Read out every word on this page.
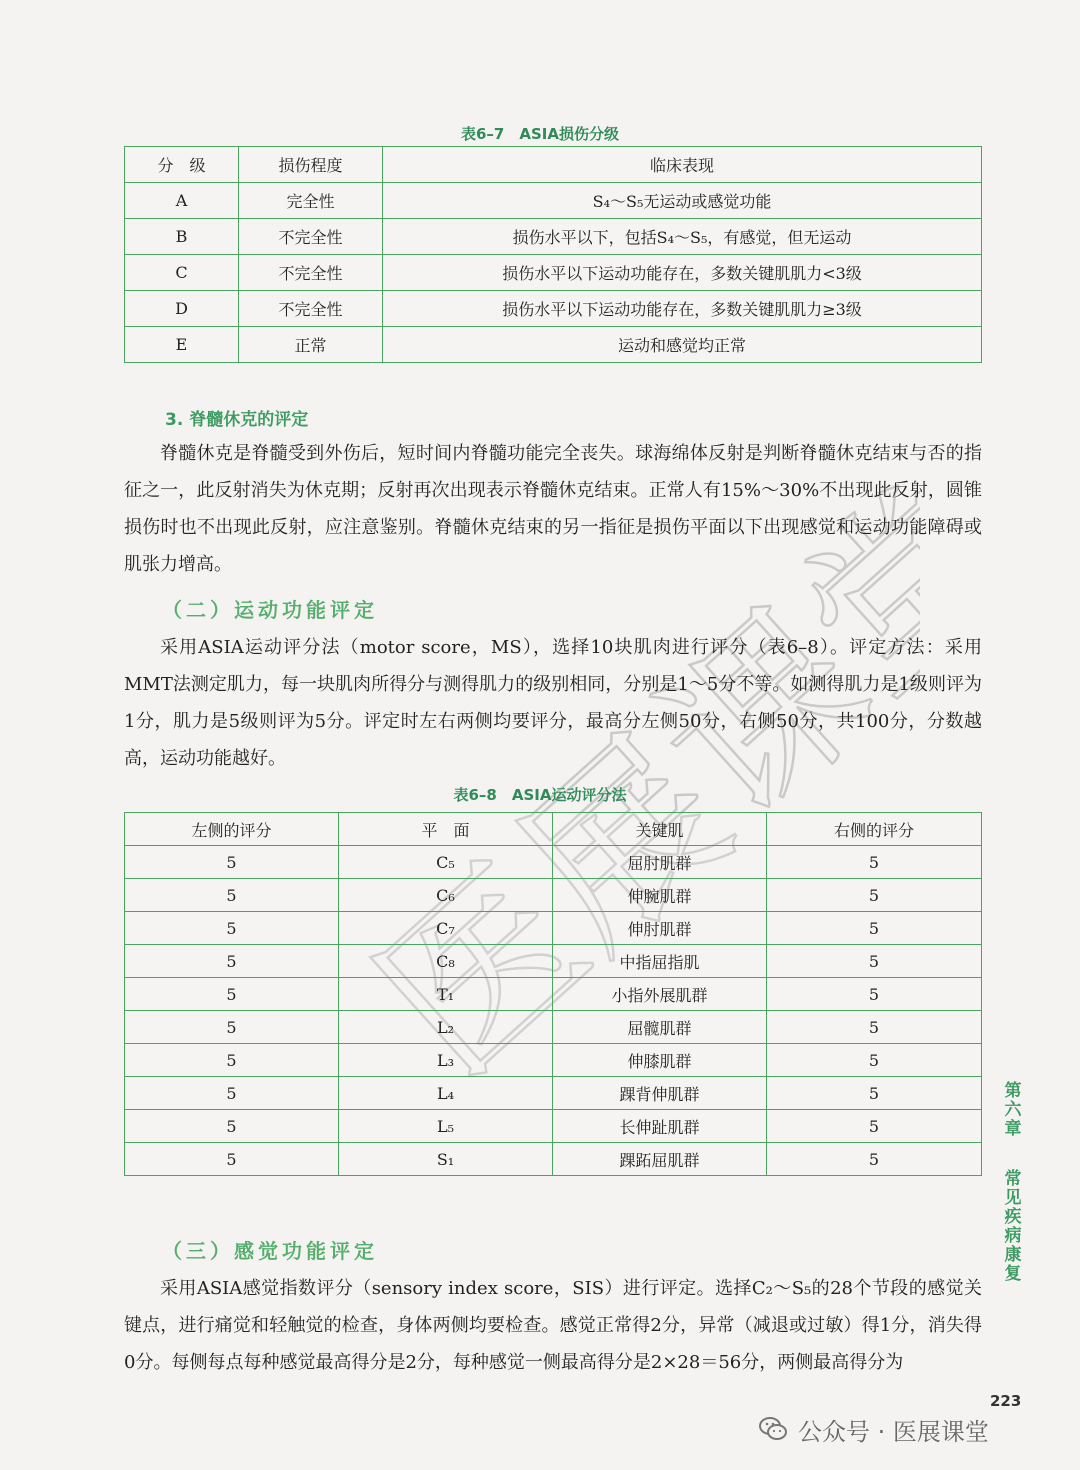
医展课堂
表6–7　ASIA损伤分级
分　级	损伤程度	临床表现
A	完全性	S₄～S₅无运动或感觉功能
B	不完全性	损伤水平以下，包括S₄～S₅，有感觉，但无运动
C	不完全性	损伤水平以下运动功能存在，多数关键肌肌力<3级
D	不完全性	损伤水平以下运动功能存在，多数关键肌肌力≥3级
E	正常	运动和感觉均正常
3. 脊髓休克的评定

脊髓休克是脊髓受到外伤后，短时间内脊髓功能完全丧失。球海绵体反射是判断脊髓休克结束与否的指征之一，此反射消失为休克期；反射再次出现表示脊髓休克结束。正常人有15%～30%不出现此反射，圆锥损伤时也不出现此反射，应注意鉴别。脊髓休克结束的另一指征是损伤平面以下出现感觉和运动功能障碍或肌张力增高。

（二）运动功能评定

采用ASIA运动评分法（motor score，MS），选择10块肌肉进行评分（表6–8）。评定方法：采用MMT法测定肌力，每一块肌肉所得分与测得肌力的级别相同，分别是1～5分不等。如测得肌力是1级则评为1分，肌力是5级则评为5分。评定时左右两侧均要评分，最高分左侧50分，右侧50分，共100分，分数越高，运动功能越好。

表6–8　ASIA运动评分法
左侧的评分	平　面	关键肌	右侧的评分
5	C₅	屈肘肌群	5
5	C₆	伸腕肌群	5
5	C₇	伸肘肌群	5
5	C₈	中指屈指肌	5
5	T₁	小指外展肌群	5
5	L₂	屈髋肌群	5
5	L₃	伸膝肌群	5
5	L₄	踝背伸肌群	5
5	L₅	长伸趾肌群	5
5	S₁	踝跖屈肌群	5
（三）感觉功能评定

采用ASIA感觉指数评分（sensory index score，SIS）进行评定。选择C₂～S₅的28个节段的感觉关键点，进行痛觉和轻触觉的检查，身体两侧均要检查。感觉正常得2分，异常（减退或过敏）得1分，消失得0分。每侧每点每种感觉最高得分是2分，每种感觉一侧最高得分是2×28＝56分，两侧最高得分为

第六章
常见疾病康复
223
公众号 · 医展课堂
